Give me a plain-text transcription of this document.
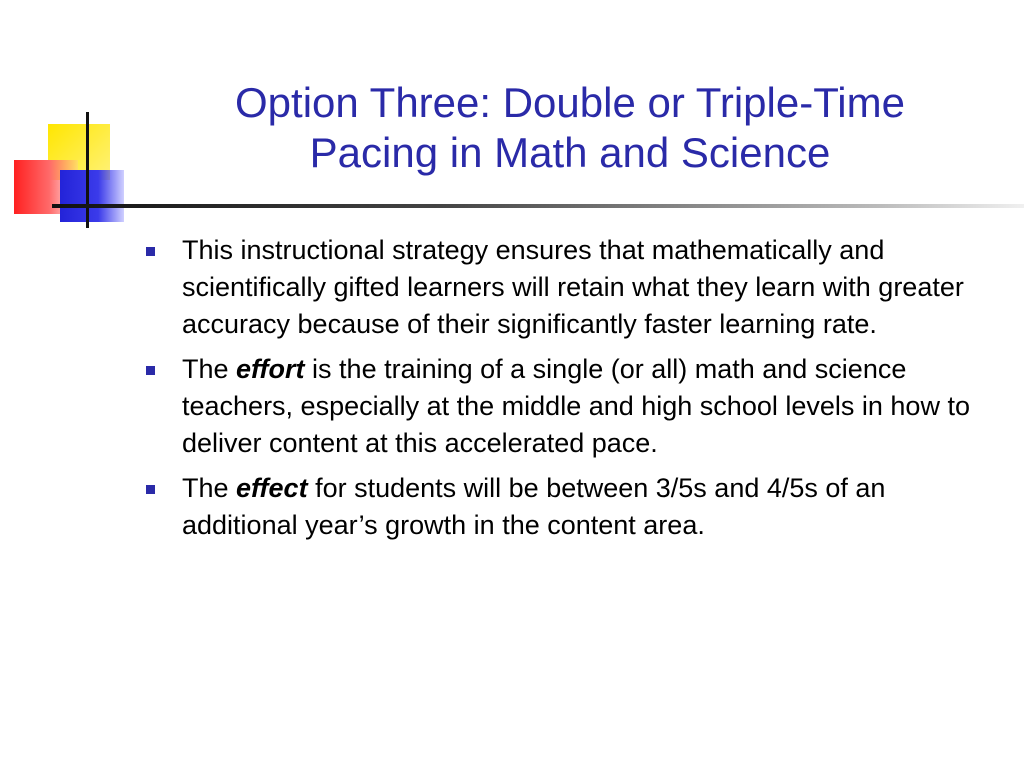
Option Three: Double or Triple-Time
Pacing in Math and Science
This instructional strategy ensures that mathematically and scientifically gifted learners will retain what they learn with greater accuracy because of their significantly faster learning rate.
The effort is the training of a single (or all) math and science teachers, especially at the middle and high school levels in how to deliver content at this accelerated pace.
The effect for students will be between 3/5s and 4/5s of an additional year’s growth in the content area.
